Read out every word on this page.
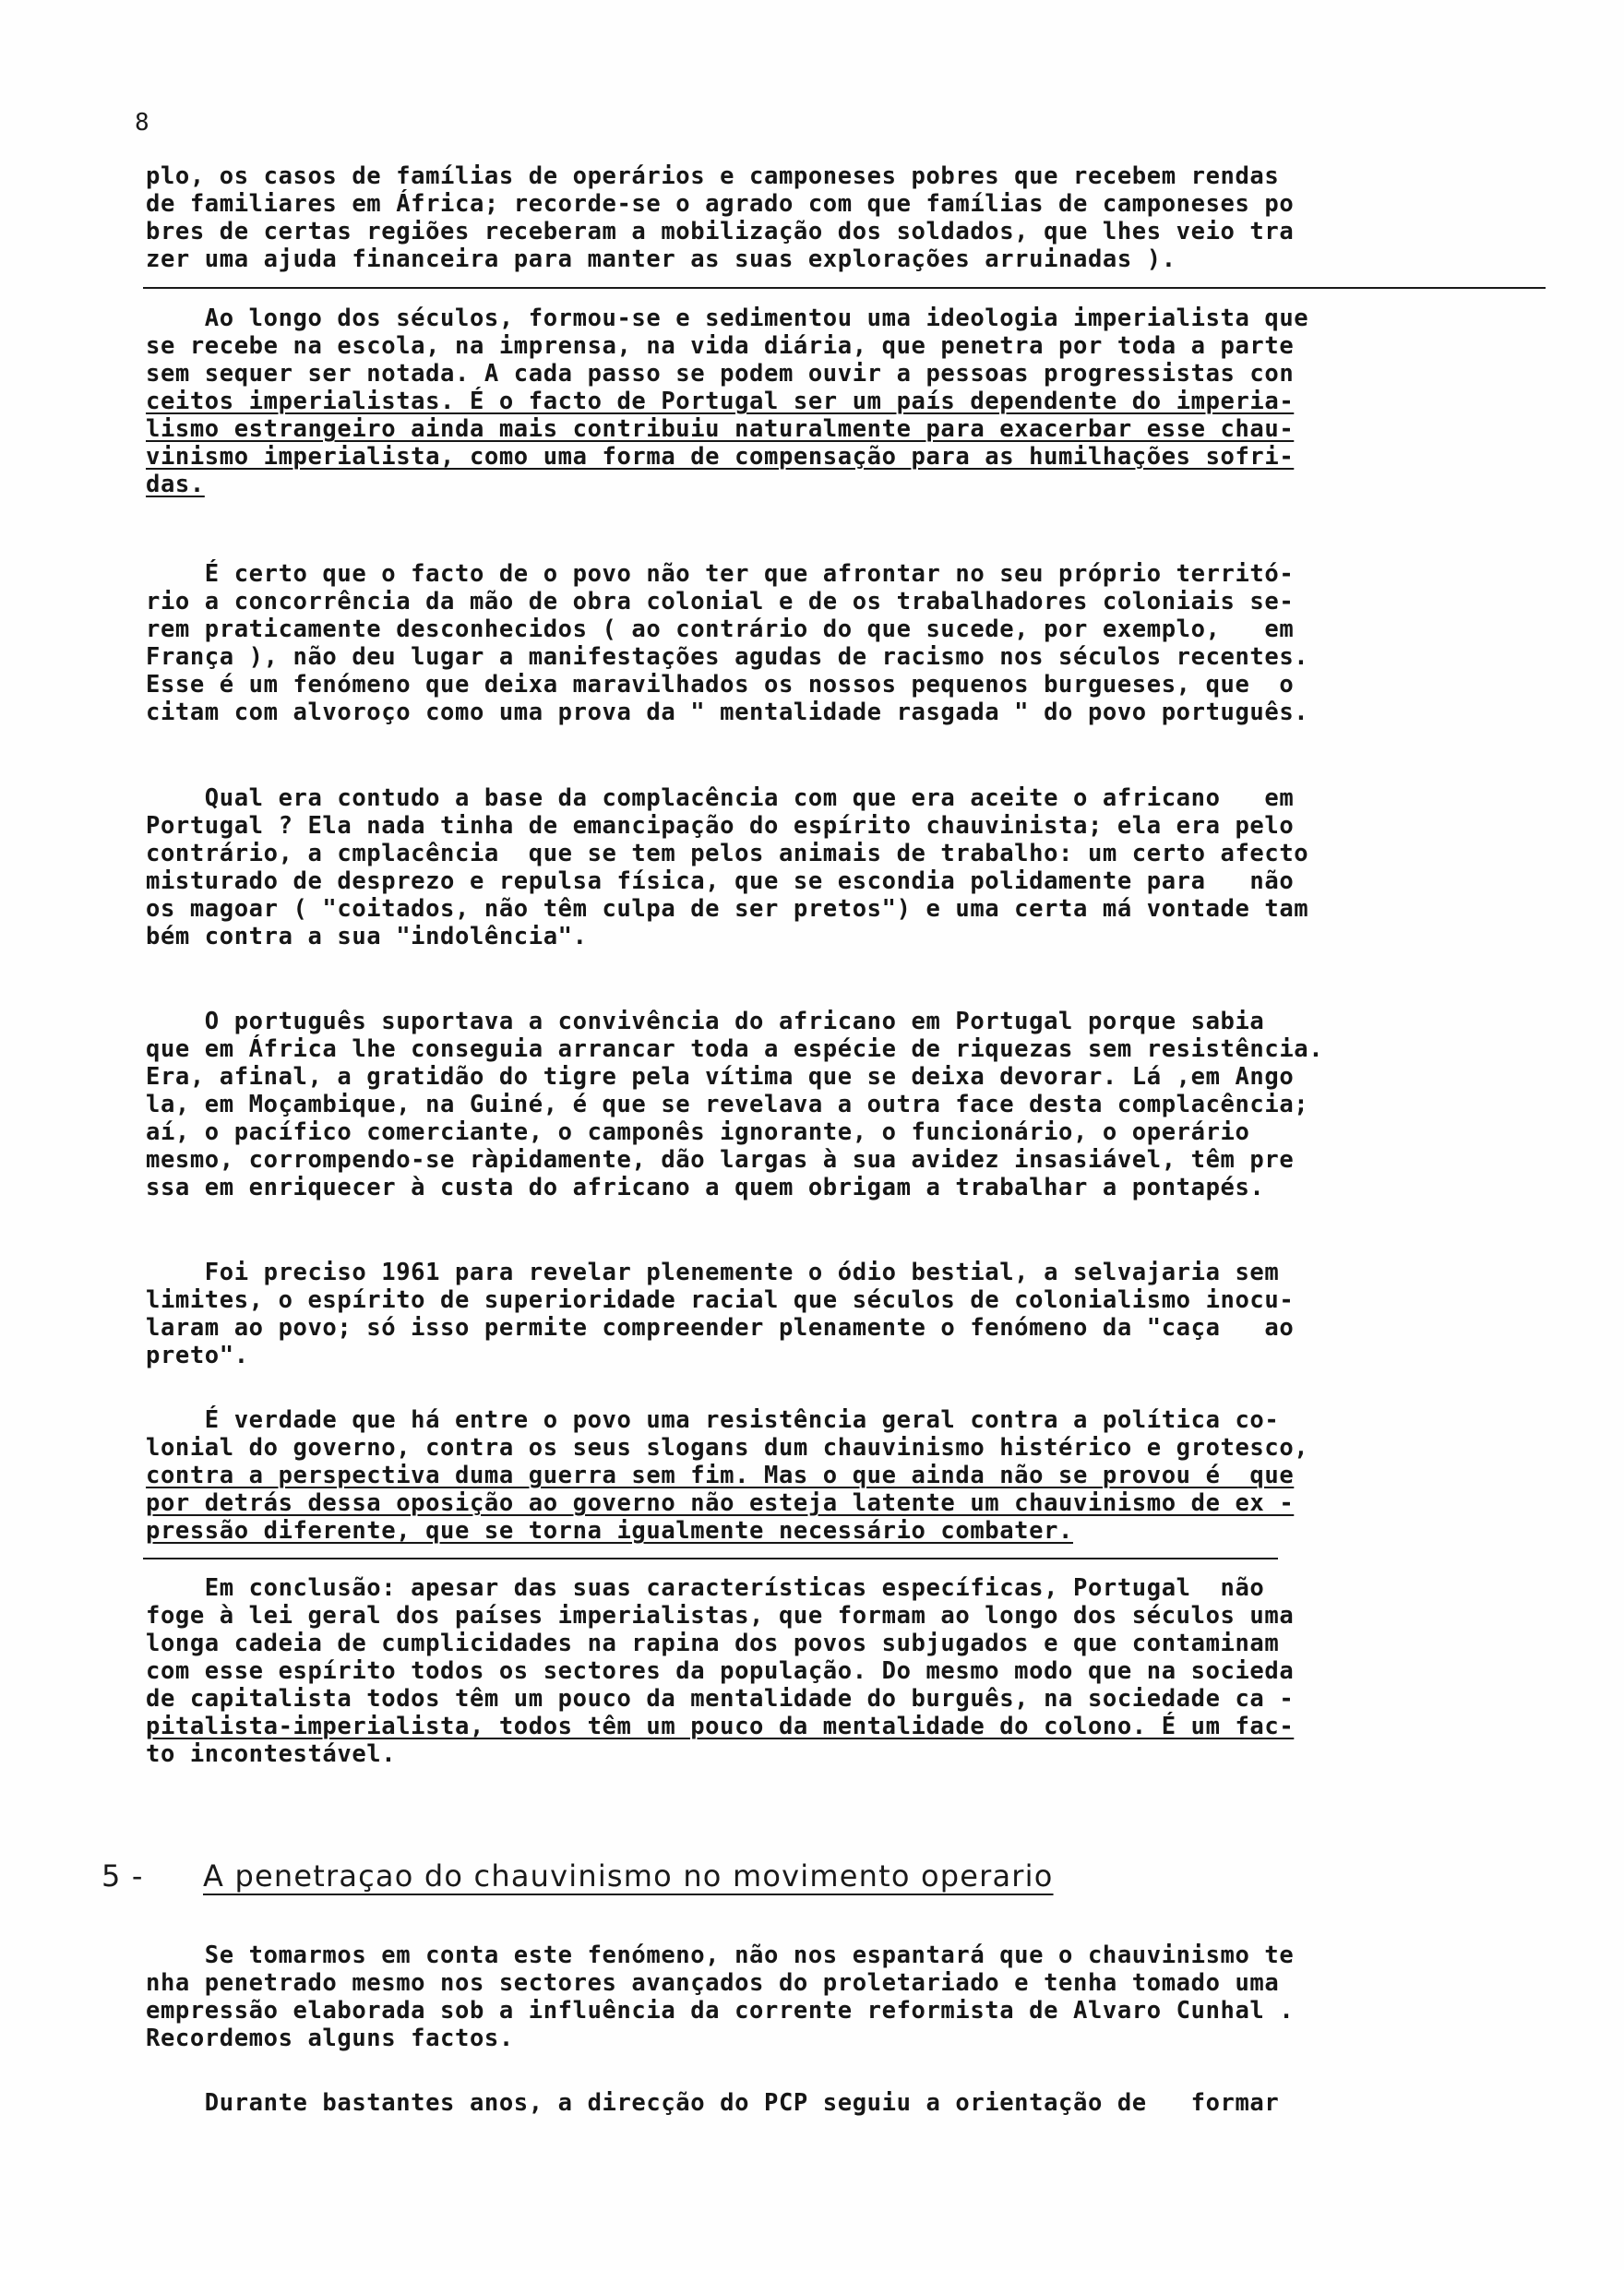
8
plo, os casos de famílias de operários e camponeses pobres que recebem rendas
de familiares em África; recorde-se o agrado com que famílias de camponeses po
bres de certas regiões receberam a mobilização dos soldados, que lhes veio tra
zer uma ajuda financeira para manter as suas explorações arruinadas ).
Ao longo dos séculos, formou-se e sedimentou uma ideologia imperialista que
se recebe na escola, na imprensa, na vida diária, que penetra por toda a parte
sem sequer ser notada. A cada passo se podem ouvir a pessoas progressistas con
ceitos imperialistas. É o facto de Portugal ser um país dependente do imperia-
lismo estrangeiro ainda mais contribuiu naturalmente para exacerbar esse chau-
vinismo imperialista, como uma forma de compensação para as humilhações sofri-
das.
É certo que o facto de o povo não ter que afrontar no seu próprio territó-
rio a concorrência da mão de obra colonial e de os trabalhadores coloniais se-
rem praticamente desconhecidos ( ao contrário do que sucede, por exemplo,   em
França ), não deu lugar a manifestações agudas de racismo nos séculos recentes.
Esse é um fenómeno que deixa maravilhados os nossos pequenos burgueses, que  o
citam com alvoroço como uma prova da " mentalidade rasgada " do povo português.
Qual era contudo a base da complacência com que era aceite o africano   em
Portugal ? Ela nada tinha de emancipação do espírito chauvinista; ela era pelo
contrário, a cmplacência  que se tem pelos animais de trabalho: um certo afecto
misturado de desprezo e repulsa física, que se escondia polidamente para   não
os magoar ( "coitados, não têm culpa de ser pretos") e uma certa má vontade tam
bém contra a sua "indolência".
O português suportava a convivência do africano em Portugal porque sabia
que em África lhe conseguia arrancar toda a espécie de riquezas sem resistência.
Era, afinal, a gratidão do tigre pela vítima que se deixa devorar. Lá ,em Ango
la, em Moçambique, na Guiné, é que se revelava a outra face desta complacência;
aí, o pacífico comerciante, o camponês ignorante, o funcionário, o operário
mesmo, corrompendo-se ràpidamente, dão largas à sua avidez insasiável, têm pre
ssa em enriquecer à custa do africano a quem obrigam a trabalhar a pontapés.
Foi preciso 1961 para revelar plenemente o ódio bestial, a selvajaria sem
limites, o espírito de superioridade racial que séculos de colonialismo inocu-
laram ao povo; só isso permite compreender plenamente o fenómeno da "caça   ao
preto".
É verdade que há entre o povo uma resistência geral contra a política co-
lonial do governo, contra os seus slogans dum chauvinismo histérico e grotesco,
contra a perspectiva duma guerra sem fim. Mas o que ainda não se provou é  que
por detrás dessa oposição ao governo não esteja latente um chauvinismo de ex -
pressão diferente, que se torna igualmente necessário combater.
Em conclusão: apesar das suas características específicas, Portugal  não
foge à lei geral dos países imperialistas, que formam ao longo dos séculos uma
longa cadeia de cumplicidades na rapina dos povos subjugados e que contaminam
com esse espírito todos os sectores da população. Do mesmo modo que na socieda
de capitalista todos têm um pouco da mentalidade do burguês, na sociedade ca -
pitalista-imperialista, todos têm um pouco da mentalidade do colono. É um fac-
to incontestável.
5 - A penetraçao do chauvinismo no movimento operario
Se tomarmos em conta este fenómeno, não nos espantará que o chauvinismo te
nha penetrado mesmo nos sectores avançados do proletariado e tenha tomado uma
empressão elaborada sob a influência da corrente reformista de Alvaro Cunhal .
Recordemos alguns factos.
Durante bastantes anos, a direcção do PCP seguiu a orientação de   formar
